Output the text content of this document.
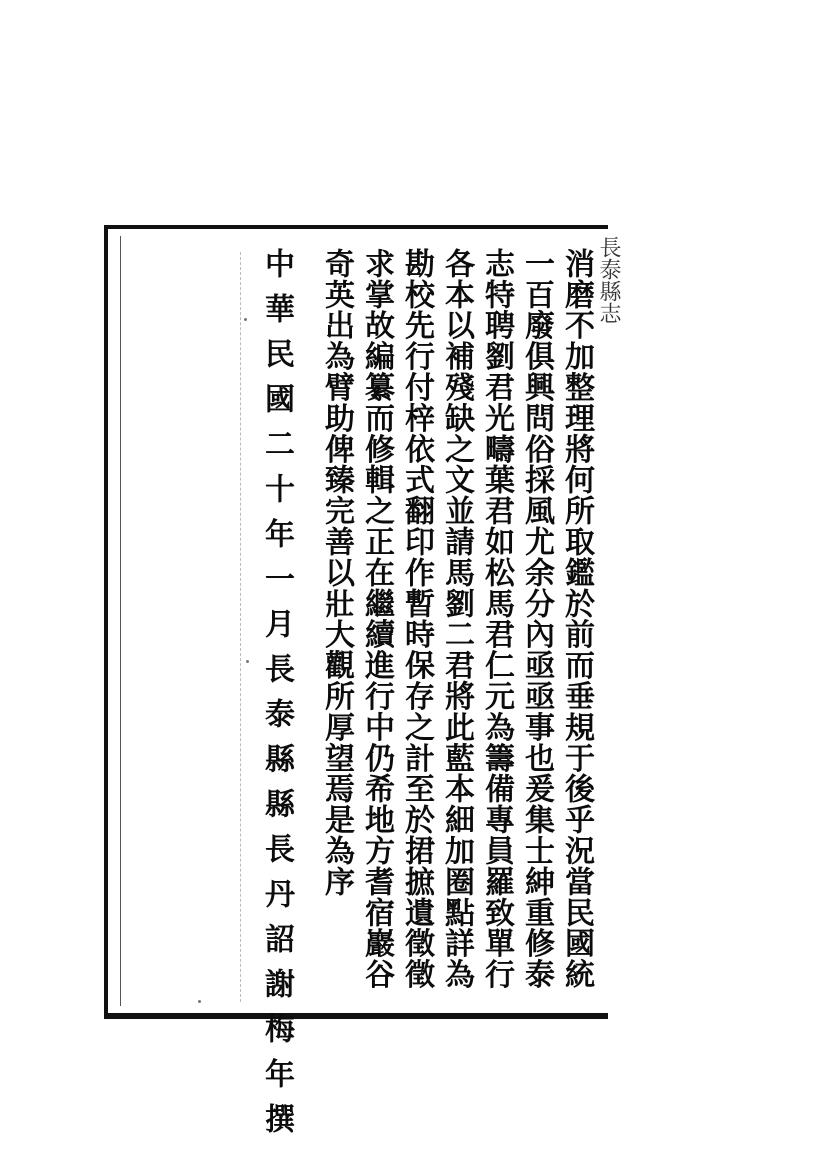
長泰縣志
消磨不加整理將何所取鑑於前而垂規于後乎況當民國統
一百廢俱興問俗採風尤余分內亟亟事也爰集士紳重修泰
志特聘劉君光疇葉君如松馬君仁元為籌備專員羅致單行
各本以補殘缺之文並請馬劉二君將此藍本細加圈點詳為
勘校先行付梓依式翻印作暫時保存之計至於捃摭遺徵徵
求掌故編纂而修輯之正在繼續進行中仍希地方耆宿巖谷
奇英出為臂助俾臻完善以壯大觀所厚望焉是為序
中華民國二十年一月長泰縣縣長丹詔謝梅年撰
